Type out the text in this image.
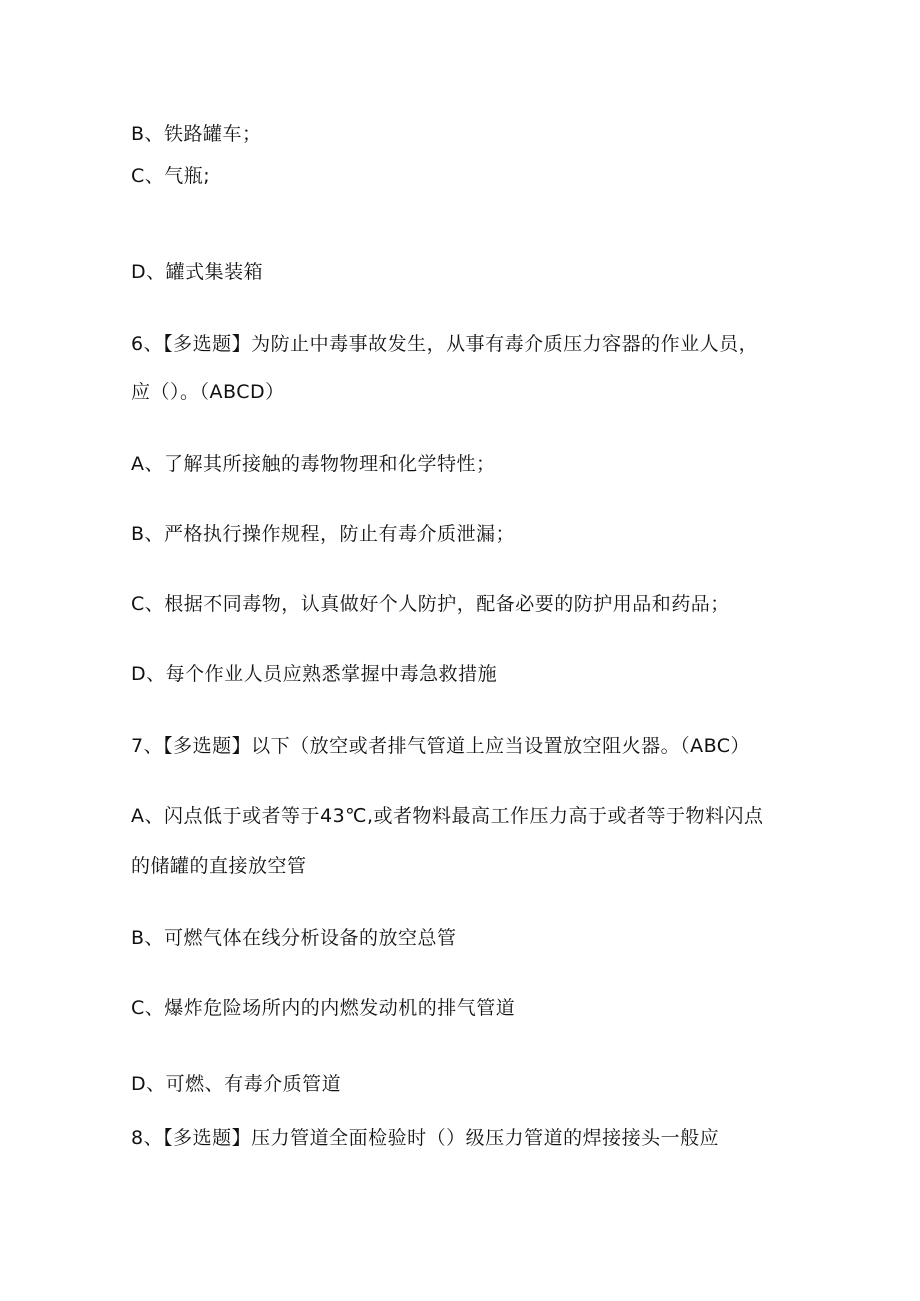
B、铁路罐车；
C、气瓶;
D、罐式集装箱
6、【多选题】为防止中毒事故发生，从事有毒介质压力容器的作业人员，
应（）。（ABCD）
A、了解其所接触的毒物物理和化学特性；
B、严格执行操作规程，防止有毒介质泄漏；
C、根据不同毒物，认真做好个人防护，配备必要的防护用品和药品；
D、每个作业人员应熟悉掌握中毒急救措施
7、【多选题】以下（放空或者排气管道上应当设置放空阻火器。（ABC）
A、闪点低于或者等于43℃,或者物料最高工作压力高于或者等于物料闪点
的储罐的直接放空管
B、可燃气体在线分析设备的放空总管
C、爆炸危险场所内的内燃发动机的排气管道
D、可燃、有毒介质管道
8、【多选题】压力管道全面检验时（）级压力管道的焊接接头一般应
